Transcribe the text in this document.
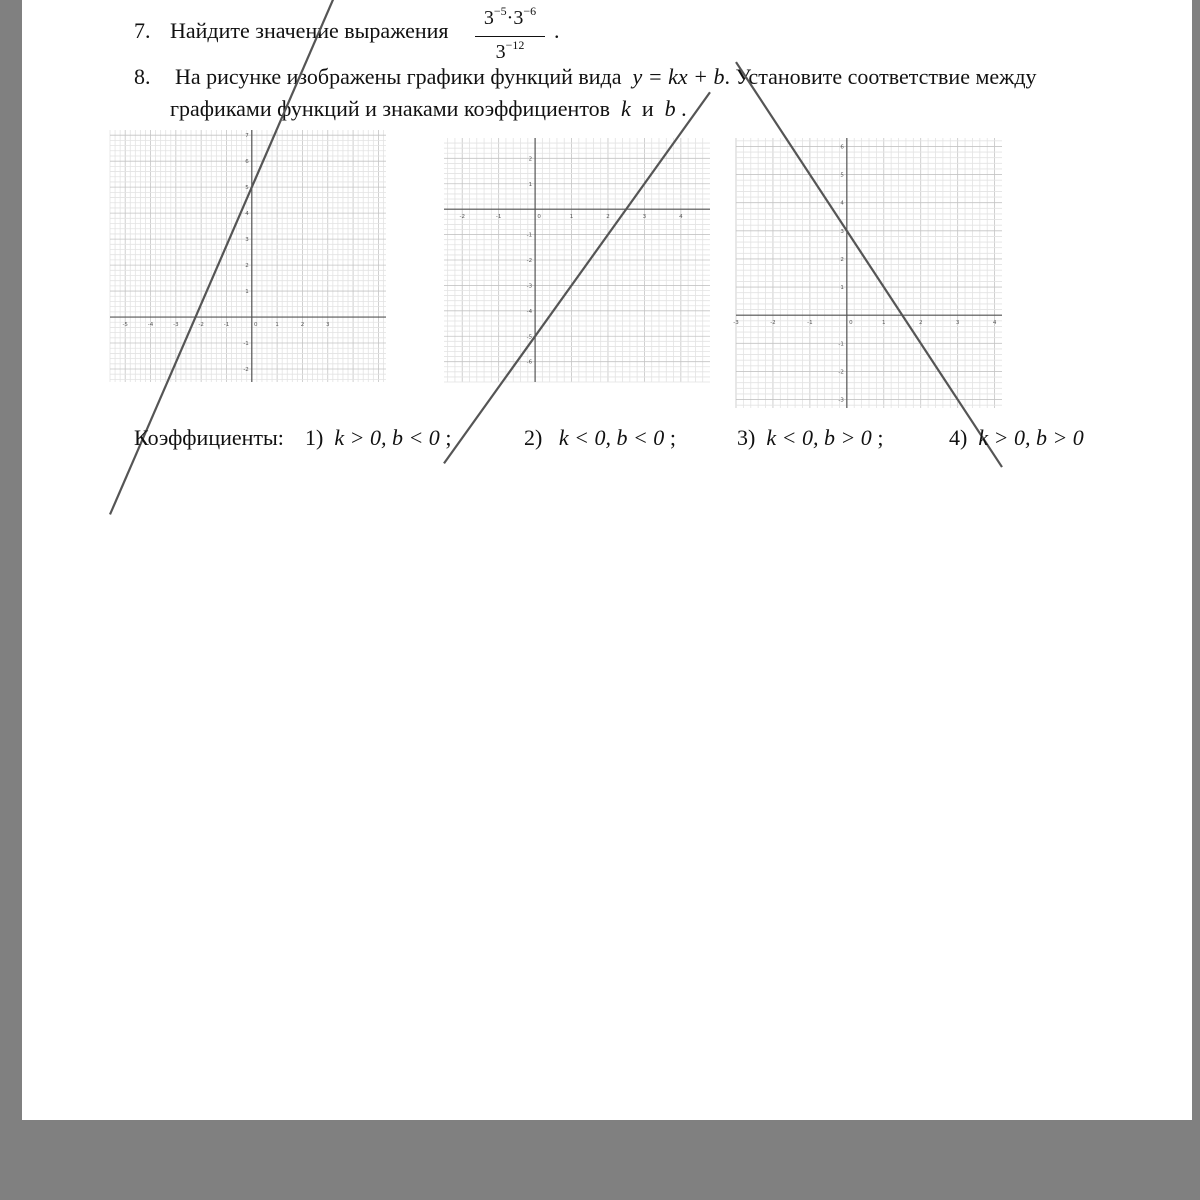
7. Найдите значение выражения	$3^{-5}\cdot 3^{-6}$
$3^{-12}$
.
8. На рисунке изображены графики функций вида y = kx + b. Установите соответствие между
графиками функций и знаками коэффициентов k и b .
-5	-4	-3	-2	-1	0	1	2	3
-2
-1
1
2
3
4
5
6
7
-2	-1	0	1	2	3	4
-6
-5
-4
-3
-2
-1
1
2
-3	-2	-1	0	1	2	3	4
-3
-2
-1
1
2
3
4
5
6
Коэффициенты: 1) k > 0, b < 0 ;	2) k < 0, b < 0 ;	3) k < 0, b > 0 ;	4) k > 0, b > 0
